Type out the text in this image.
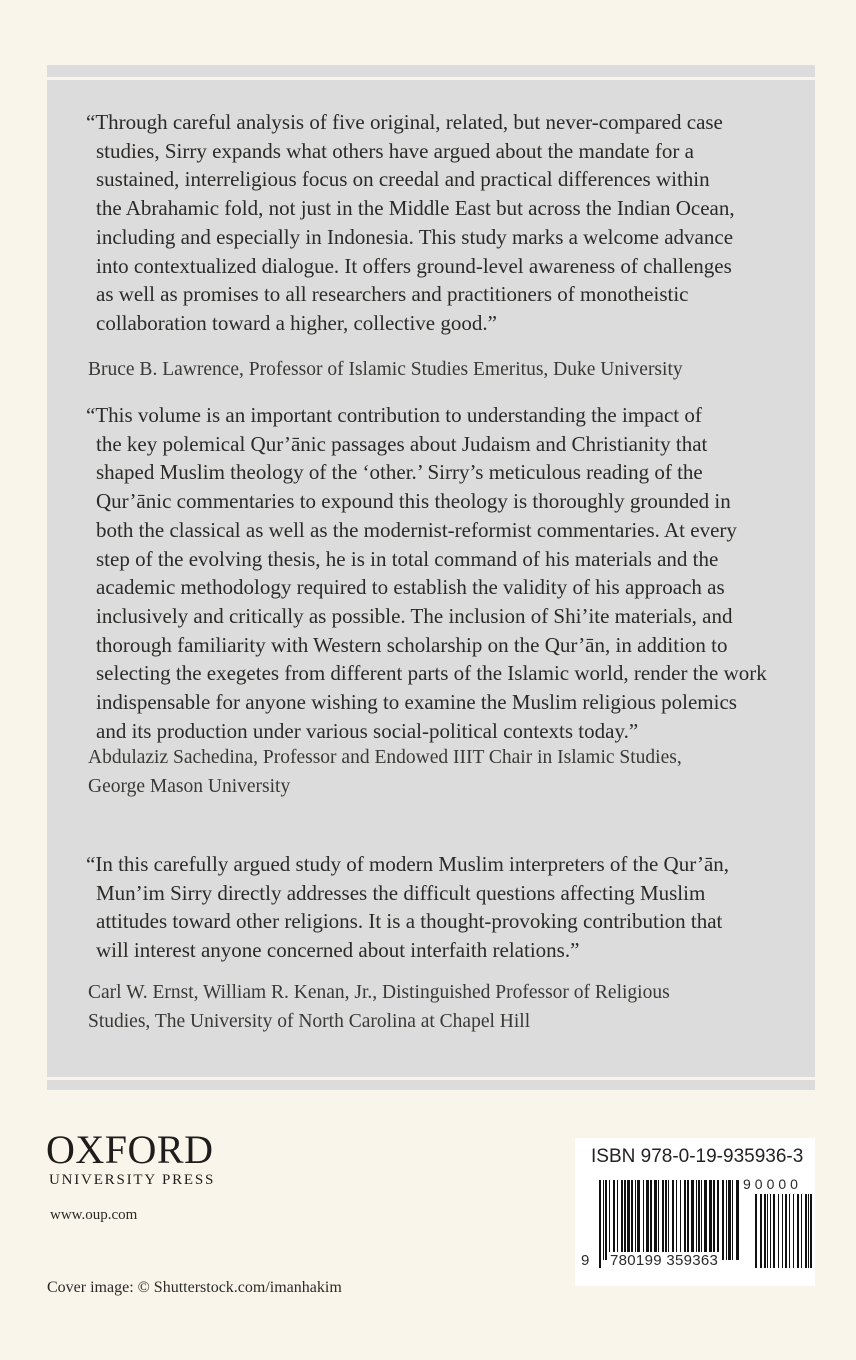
“Through careful analysis of five original, related, but never-compared case
studies, Sirry expands what others have argued about the mandate for a
sustained, interreligious focus on creedal and practical differences within
the Abrahamic fold, not just in the Middle East but across the Indian Ocean,
including and especially in Indonesia. This study marks a welcome advance
into contextualized dialogue. It offers ground-level awareness of challenges
as well as promises to all researchers and practitioners of monotheistic
collaboration toward a higher, collective good.”
Bruce B. Lawrence, Professor of Islamic Studies Emeritus, Duke University
“This volume is an important contribution to understanding the impact of
the key polemical Qur’ānic passages about Judaism and Christianity that
shaped Muslim theology of the ‘other.’ Sirry’s meticulous reading of the
Qur’ānic commentaries to expound this theology is thoroughly grounded in
both the classical as well as the modernist-reformist commentaries. At every
step of the evolving thesis, he is in total command of his materials and the
academic methodology required to establish the validity of his approach as
inclusively and critically as possible. The inclusion of Shi’ite materials, and
thorough familiarity with Western scholarship on the Qur’ān, in addition to
selecting the exegetes from different parts of the Islamic world, render the work
indispensable for anyone wishing to examine the Muslim religious polemics
and its production under various social-political contexts today.”
Abdulaziz Sachedina, Professor and Endowed IIIT Chair in Islamic Studies,
George Mason University
“In this carefully argued study of modern Muslim interpreters of the Qur’ān,
Mun’im Sirry directly addresses the difficult questions affecting Muslim
attitudes toward other religions. It is a thought-provoking contribution that
will interest anyone concerned about interfaith relations.”
Carl W. Ernst, William R. Kenan, Jr., Distinguished Professor of Religious
Studies, The University of North Carolina at Chapel Hill
OXFORD
UNIVERSITY PRESS
www.oup.com
Cover image: © Shutterstock.com/imanhakim
ISBN 978-0-19-935936-3
90000
9 780199 359363
